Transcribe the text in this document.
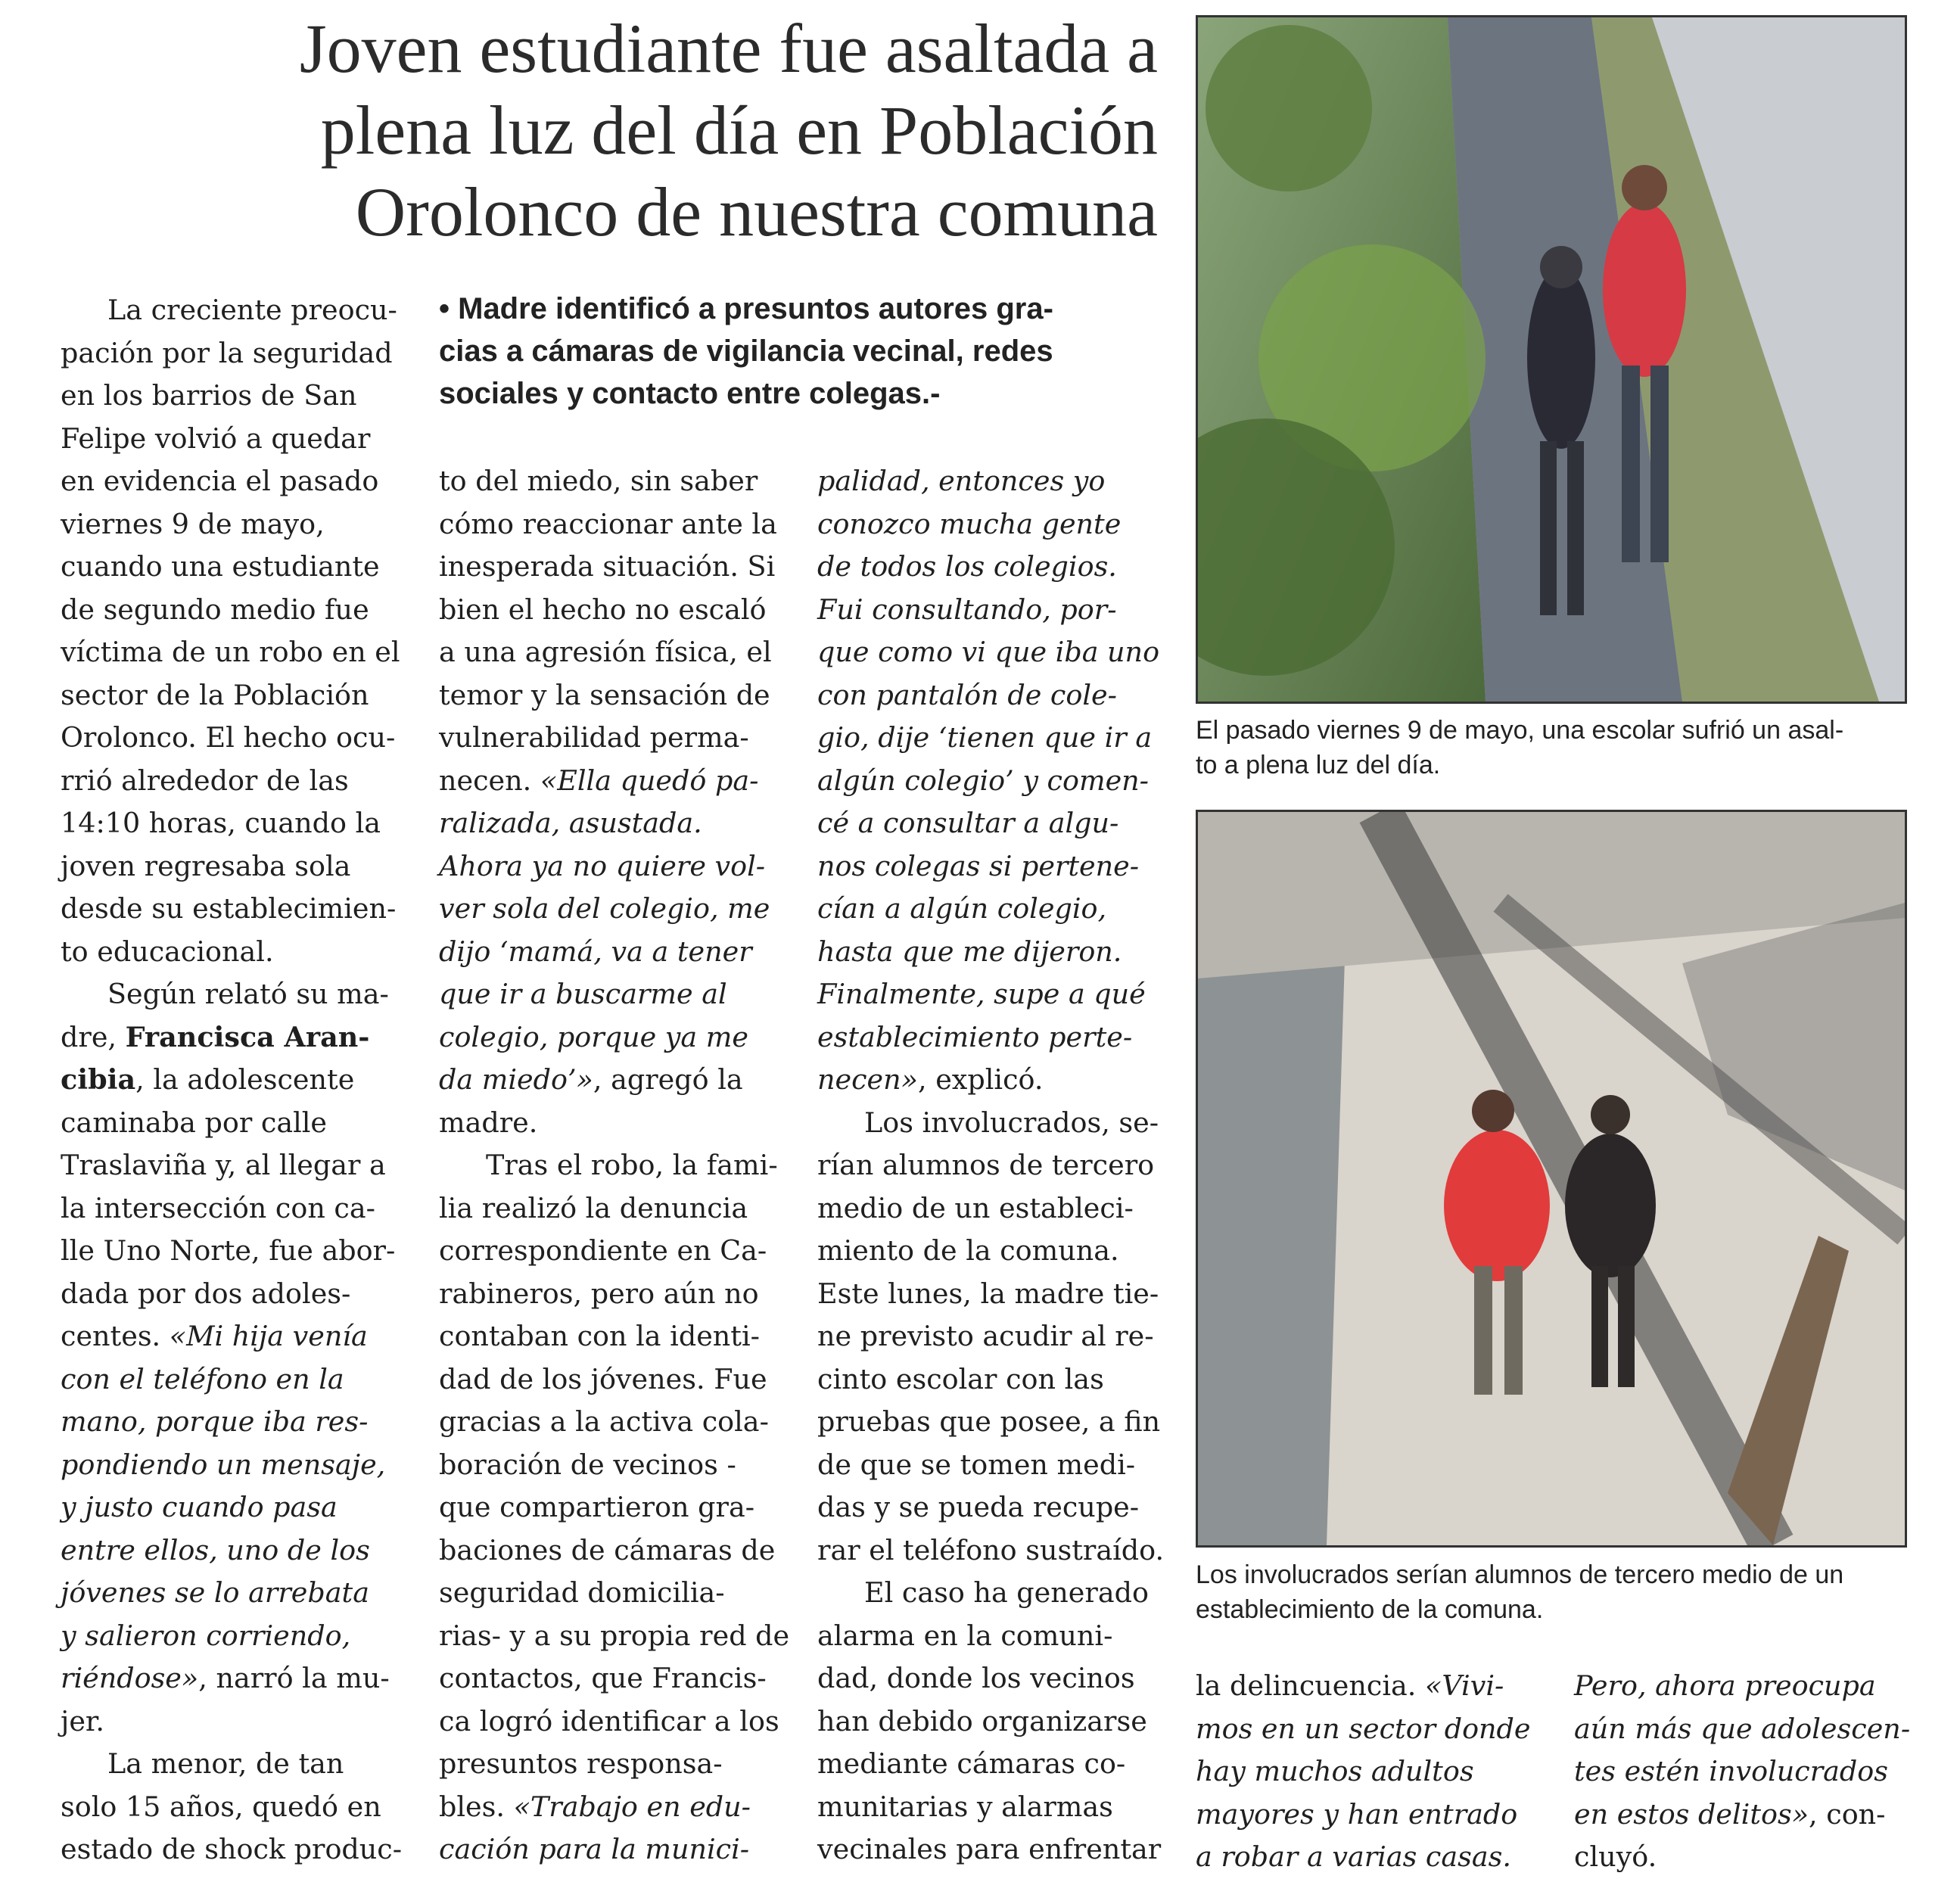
Joven estudiante fue asaltada a
plena luz del día en Población
Orolonco de nuestra comuna
• Madre identificó a presuntos autores gra-
cias a cámaras de vigilancia vecinal, redes
sociales y contacto entre colegas.-
La creciente preocu-
pación por la seguridad
en los barrios de San
Felipe volvió a quedar
en evidencia el pasado
viernes 9 de mayo,
cuando una estudiante
de segundo medio fue
víctima de un robo en el
sector de la Población
Orolonco. El hecho ocu-
rrió alrededor de las
14:10 horas, cuando la
joven regresaba sola
desde su establecimien-
to educacional.
Según relató su ma-
dre, Francisca Aran-
cibia , la adolescente
caminaba por calle
Traslaviña y, al llegar a
la intersección con ca-
lle Uno Norte, fue abor-
dada por dos adoles-
centes. «Mi hija venía
con el teléfono en la
mano, porque iba res-
pondiendo un mensaje,
y justo cuando pasa
entre ellos, uno de los
jóvenes se lo arrebata
y salieron corriendo,
riéndose» , narró la mu-
jer.
La menor, de tan
solo 15 años, quedó en
estado de shock produc-
to del miedo, sin saber
cómo reaccionar ante la
inesperada situación. Si
bien el hecho no escaló
a una agresión física, el
temor y la sensación de
vulnerabilidad perma-
necen. «Ella quedó pa-
ralizada, asustada.
Ahora ya no quiere vol-
ver sola del colegio, me
dijo ‘mamá, va a tener
que ir a buscarme al
colegio, porque ya me
da miedo’» , agregó la
madre.
Tras el robo, la fami-
lia realizó la denuncia
correspondiente en Ca-
rabineros, pero aún no
contaban con la identi-
dad de los jóvenes. Fue
gracias a la activa cola-
boración de vecinos -
que compartieron gra-
baciones de cámaras de
seguridad domicilia-
rias- y a su propia red de
contactos, que Francis-
ca logró identificar a los
presuntos responsa-
bles. «Trabajo en edu-
cación para la munici-
palidad, entonces yo
conozco mucha gente
de todos los colegios.
Fui consultando, por-
que como vi que iba uno
con pantalón de cole-
gio, dije ‘tienen que ir a
algún colegio’ y comen-
cé a consultar a algu-
nos colegas si pertene-
cían a algún colegio,
hasta que me dijeron.
Finalmente, supe a qué
establecimiento perte-
necen» , explicó.
Los involucrados, se-
rían alumnos de tercero
medio de un estableci-
miento de la comuna.
Este lunes, la madre tie-
ne previsto acudir al re-
cinto escolar con las
pruebas que posee, a fin
de que se tomen medi-
das y se pueda recupe-
rar el teléfono sustraído.
El caso ha generado
alarma en la comuni-
dad, donde los vecinos
han debido organizarse
mediante cámaras co-
munitarias y alarmas
vecinales para enfrentar
El pasado viernes 9 de mayo, una escolar sufrió un asal-
to a plena luz del día.
Los involucrados serían alumnos de tercero medio de un
establecimiento de la comuna.
la delincuencia. «Vivi-
mos en un sector donde
hay muchos adultos
mayores y han entrado
a robar a varias casas.
Pero, ahora preocupa
aún más que adolescen-
tes estén involucrados
en estos delitos» , con-
cluyó.
